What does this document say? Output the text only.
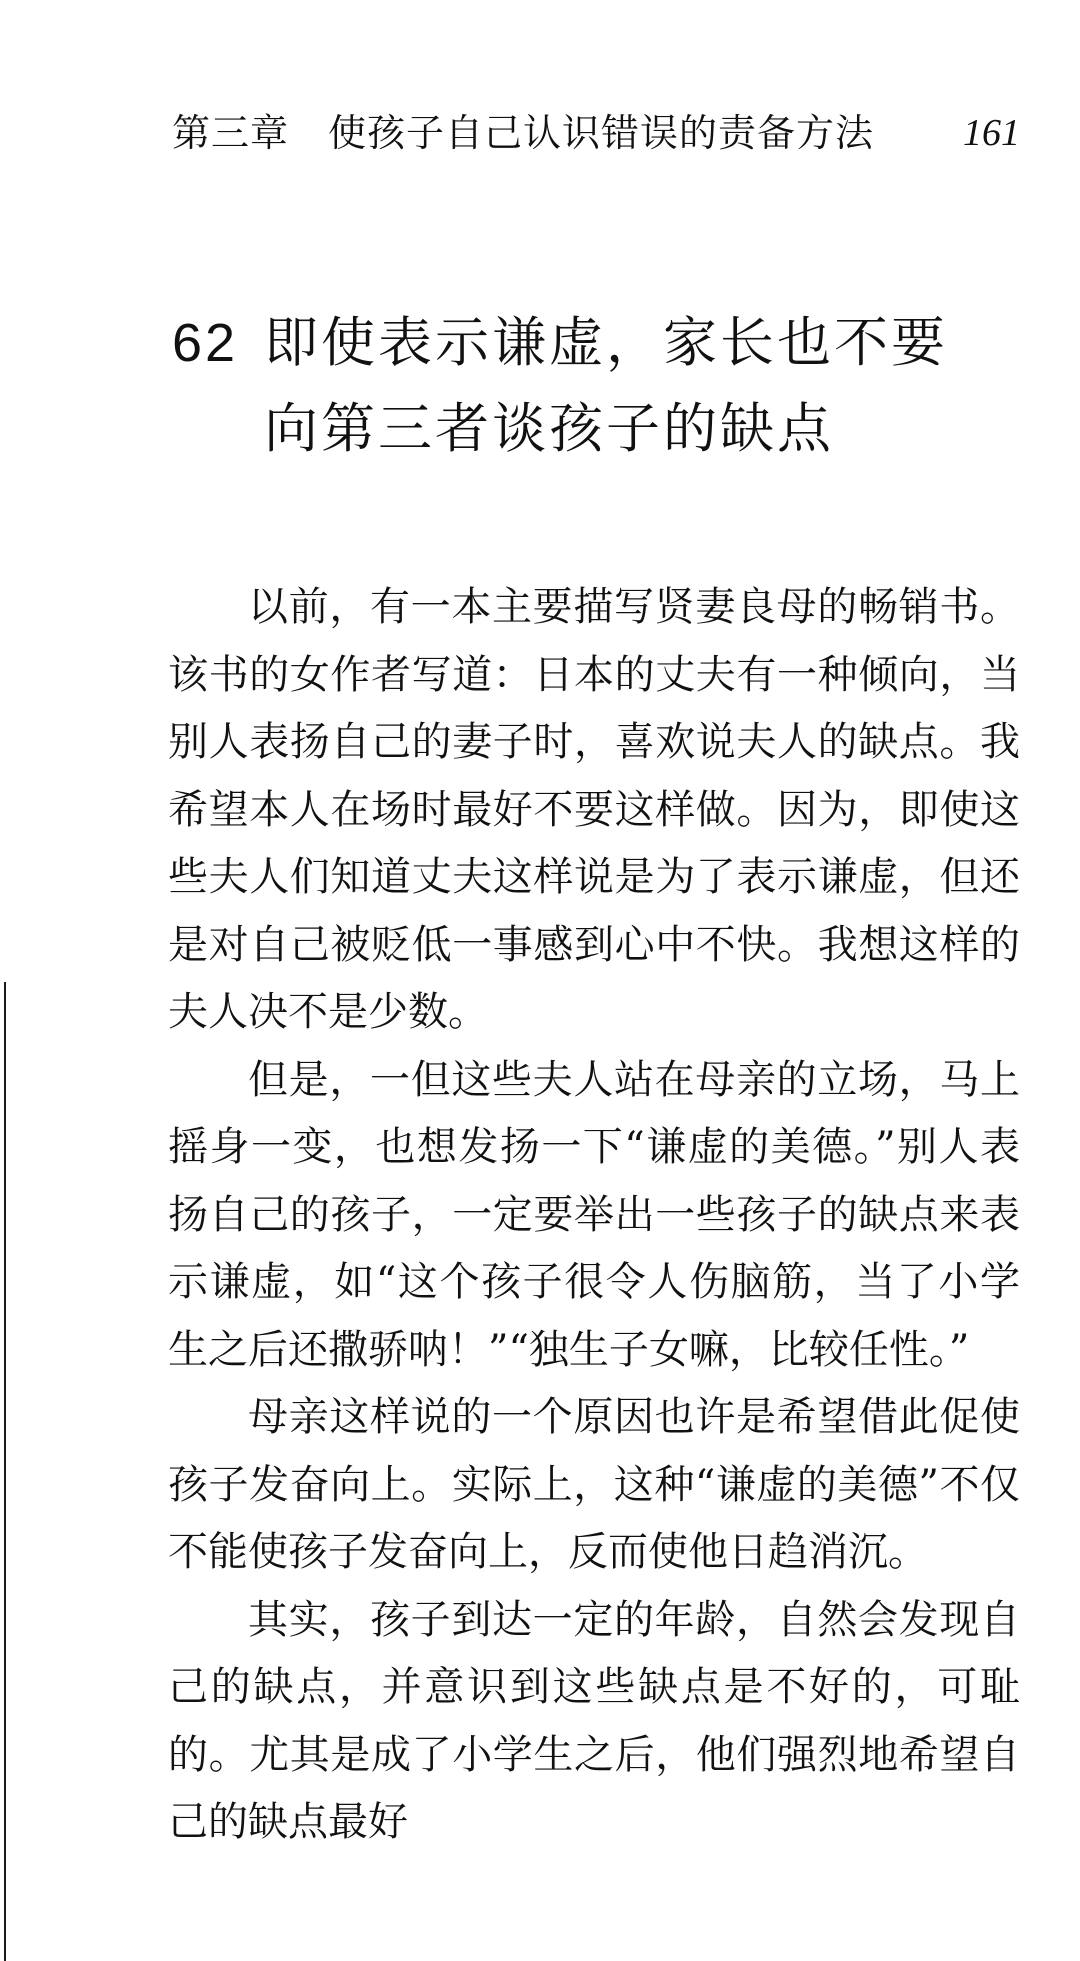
第三章　使孩子自己认识错误的责备方法 161
62 即使表示谦虚，家长也不要向第三者谈孩子的缺点

以前，有一本主要描写贤妻良母的畅销书。该书的女作者写道：日本的丈夫有一种倾向，当别人表扬自己的妻子时，喜欢说夫人的缺点。我希望本人在场时最好不要这样做。因为，即使这些夫人们知道丈夫这样说是为了表示谦虚，但还是对自己被贬低一事感到心中不快。我想这样的夫人决不是少数。

但是，一但这些夫人站在母亲的立场，马上摇身一变，也想发扬一下“谦虚的美德。”别人表扬自己的孩子，一定要举出一些孩子的缺点来表示谦虚，如“这个孩子很令人伤脑筋，当了小学生之后还撒骄呐！”“独生子女嘛，比较任性。”

母亲这样说的一个原因也许是希望借此促使孩子发奋向上。实际上，这种“谦虚的美德”不仅不能使孩子发奋向上，反而使他日趋消沉。

其实，孩子到达一定的年龄，自然会发现自己的缺点，并意识到这些缺点是不好的，可耻的。尤其是成了小学生之后，他们强烈地希望自己的缺点最好
